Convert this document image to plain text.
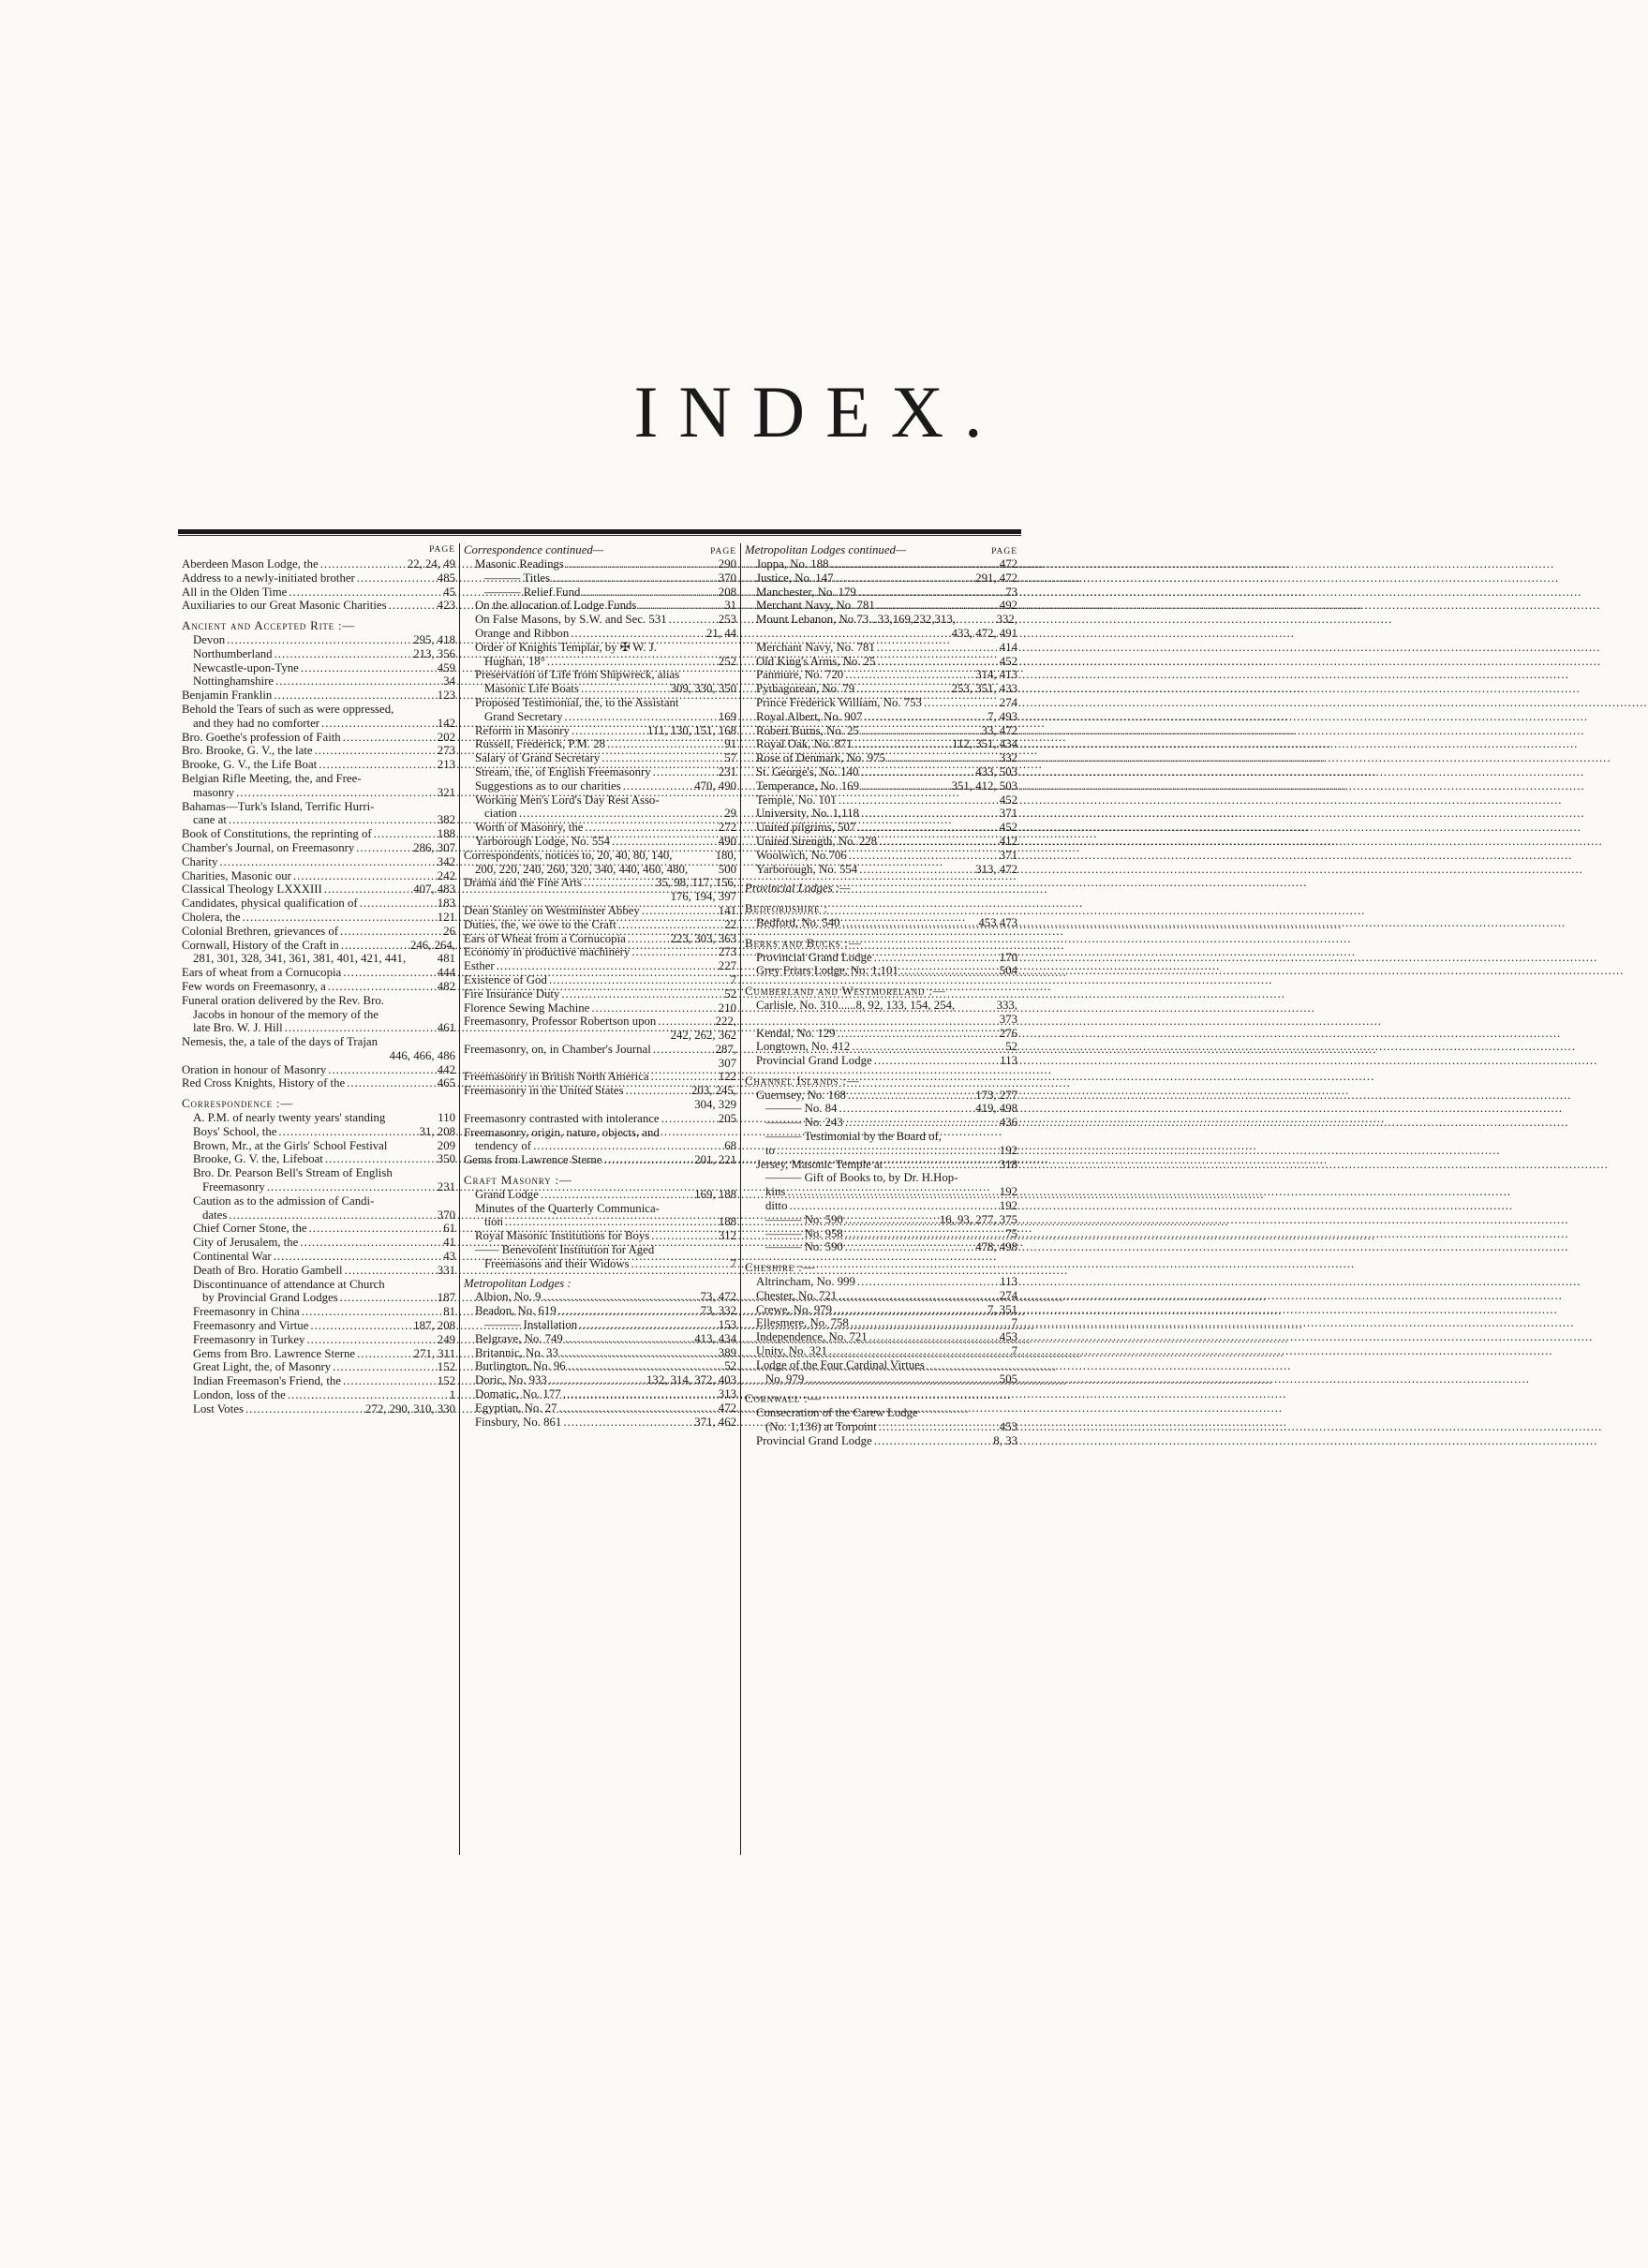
INDEX.
PAGE
Aberdeen Mason Lodge, the .....	22, 24, 49
Address to a newly-initiated brother .....	485
All in the Olden Time .....	45
Auxiliaries to our Great Masonic Charities .....	423
Ancient and Accepted Rite :—
Devon .....	295, 418
Northumberland .....	213, 356
Newcastle-upon-Tyne .....	459
Nottinghamshire .....	34
Benjamin Franklin .....	123
Behold the Tears of such as were oppressed,
and they had no comforter .....	142
Bro. Goethe's profession of Faith .....	202
Bro. Brooke, G. V., the late .....	273
Brooke, G. V., the Life Boat .....	213
Belgian Rifle Meeting, the, and Free-
masonry .....	321
Bahamas—Turk's Island, Terrific Hurri-
cane at .....	382
Book of Constitutions, the reprinting of .....	188
Chamber's Journal, on Freemasonry .....	286, 307
Charity .....	342
Charities, Masonic our .....	242
Classical Theology LXXXIII .....	407, 483
Candidates, physical qualification of .....	183
Cholera, the .....	121
Colonial Brethren, grievances of .....	26
Cornwall, History of the Craft in .....	246, 264,
281, 301, 328, 341, 361, 381, 401, 421, 441,	481
Ears of wheat from a Cornucopia .....	444
Few words on Freemasonry, a .....	482
Funeral oration delivered by the Rev. Bro.
Jacobs in honour of the memory of the
late Bro. W. J. Hill .....	461
Nemesis, the, a tale of the days of Trajan
446, 466, 486
Oration in honour of Masonry .....	442
Red Cross Knights, History of the .....	465
Correspondence :—
A. P.M. of nearly twenty years' standing	110
Boys' School, the .....	31, 208
Brown, Mr., at the Girls' School Festival	209
Brooke, G. V. the, Lifeboat .....	350
Bro. Dr. Pearson Bell's Stream of English
Freemasonry .....	231
Caution as to the admission of Candi-
dates .....	370
Chief Corner Stone, the .....	61
City of Jerusalem, the .....	41
Continental War .....	43
Death of Bro. Horatio Gambell .....	331
Discontinuance of attendance at Church
by Provincial Grand Lodges .....	187
Freemasonry in China .....	81
Freemasonry and Virtue .....	187, 208
Freemasonry in Turkey .....	249
Gems from Bro. Lawrence Sterne .....	271, 311
Great Light, the, of Masonry .....	152
Indian Freemason's Friend, the .....	152
London, loss of the .....	1
Lost Votes .....	272, 290, 310, 330
Correspondence continued—	PAGE
Masonic Readings .....	290
——— Titles .....	370
——— Relief Fund .....	208
On the allocation of Lodge Funds .....	31
On False Masons, by S.W. and Sec. 531 .....	253
Orange and Ribbon .....	21, 44
Order of Knights Templar, by ✠ W. J.
Hughan, 18° .....	252
Preservation of Life from Shipwreck, alias
Masonic Life Boats .....	309, 330, 350
Proposed Testimonial, the, to the Assistant
Grand Secretary .....	169
Reform in Masonry .....	111, 130, 151, 168
Russell, Frederick, P.M. 28 .....	91
Salary of Grand Secretary .....	57
Stream, the, of English Freemasonry .....	231
Suggestions as to our charities .....	470, 490
Working Men's Lord's Day Rest Asso-
ciation .....	29
Worth of Masonry, the .....	272
Yarborough Lodge, No. 554 .....	490
Correspondents, notices to, 20, 40, 80, 140,	180,
200, 220, 240, 260, 320, 340, 440, 460, 480,	500
Drama and the Fine Arts .....	35, 98, 117, 156,
176, 194, 397
Dean Stanley on Westminster Abbey .....	141
Duties, the, we owe to the Craft .....	22
Ears of Wheat from a Cornucopia .....	223, 303, 363
Economy in productive machinery .....	273
Esther .....	227
Existence of God .....	7
Fire Insurance Duty .....	52
Florence Sewing Machine .....	210
Freemasonry, Professor Robertson upon .....	222,
242, 262, 362
Freemasonry, on, in Chamber's Journal .....	287,
307
Freemasonry in British North America .....	122
Freemasonry in the United States .....	203, 245,
304, 329
Freemasonry contrasted with intolerance .....	205
Freemasonry, origin, nature, objects, and
tendency of .....	68
Gems from Lawrence Sterne .....	201, 221
Craft Masonry :—
Grand Lodge .....	169, 188
Minutes of the Quarterly Communica-
tion .....	188
Royal Masonic Institutions for Boys .....	312
—— Benevolent Institution for Aged
Freemasons and their Widows .....	7
Metropolitan Lodges :
Albion, No. 9 .....	73, 472
Beadon, No. 619 .....	73, 332
——— Installation .....	153
Belgrave, No. 749 .....	413, 434
Britannic, No. 33 .....	389
Burlington, No. 96 .....	52
Doric, No. 933 .....	132, 314, 372, 403
Domatic, No. 177 .....	313
Egyptian, No. 27 .....	472
Finsbury, No. 861 .....	371, 462
Metropolitan Lodges continued—	PAGE
Joppa, No. 188 .....	472
Justice, No. 147 .....	291, 472
Manchester, No. 179 .....	73
Merchant Navy, No. 781 .....	492
Mount Lebanon, No.73...33,169,232,313,	332,
433, 472, 491
Merchant Navy, No. 781 .....	414
Old King's Arms, No. 25 .....	452
Panmure, No. 720 .....	314, 413
Pythagorean, No. 79 .....	253, 351, 433
Prince Frederick William, No. 753 .....	274
Royal Albert, No. 907 .....	7, 493
Robert Burns, No. 25 .....	33, 472
Royal Oak, No. 871 .....	112, 351, 434
Rose of Denmark, No. 975 .....	332
St. George's, No. 140 .....	433, 503
Temperance, No. 169 .....	351, 412, 503
Temple, No. 101 .....	452
University, No. 1,118 .....	371
United pilgrims, 507 .....	452
United Strength, No. 228 .....	412
Woolwich, No.706 .....	371
Yarborough, No. 554 .....	313, 472
Provincial Lodges :—
Bedfordshire :
Bedford, No. 540 .....	453 473
Berks and Bucks :—
Provincial Grand Lodge .....	170
Grey Friars Lodge, No. 1,101 .....	504
Cumberland and Westmoreland :—
Carlisle, No. 310......8, 92, 133, 154, 254,	333,
373
Kendal, No. 129 .....	276
Longtown, No. 412 .....	52
Provincial Grand Lodge .....	113
Channel Islands :—
Guernsey, No. 168 .....	173, 277
——— No. 84 .....	419, 498
——— No. 243 .....	436
——— Testimonial by the Board of,
to .....	192
Jersey, Masonic Temple at .....	318
——— Gift of Books to, by Dr. H.Hop-
kins .....	192
ditto .....	192
——— No. 590 .....	16, 93, 277, 375
——— No. 958 .....	75
——— No. 590 .....	478, 498
Cheshire :—
Altrincham, No. 999 .....	113
Chester, No. 721 .....	274
Crewe, No. 979 .....	7, 351
Ellesmere, No. 758 .....	7
Independence, No. 721 .....	453
Unity, No. 321 .....	7
Lodge of the Four Cardinal Virtues
No. 979 .....	505
Cornwall :—
Consecration of the Carew Lodge
(No. 1,136) at Torpoint .....	453
Provincial Grand Lodge .....	8, 33
